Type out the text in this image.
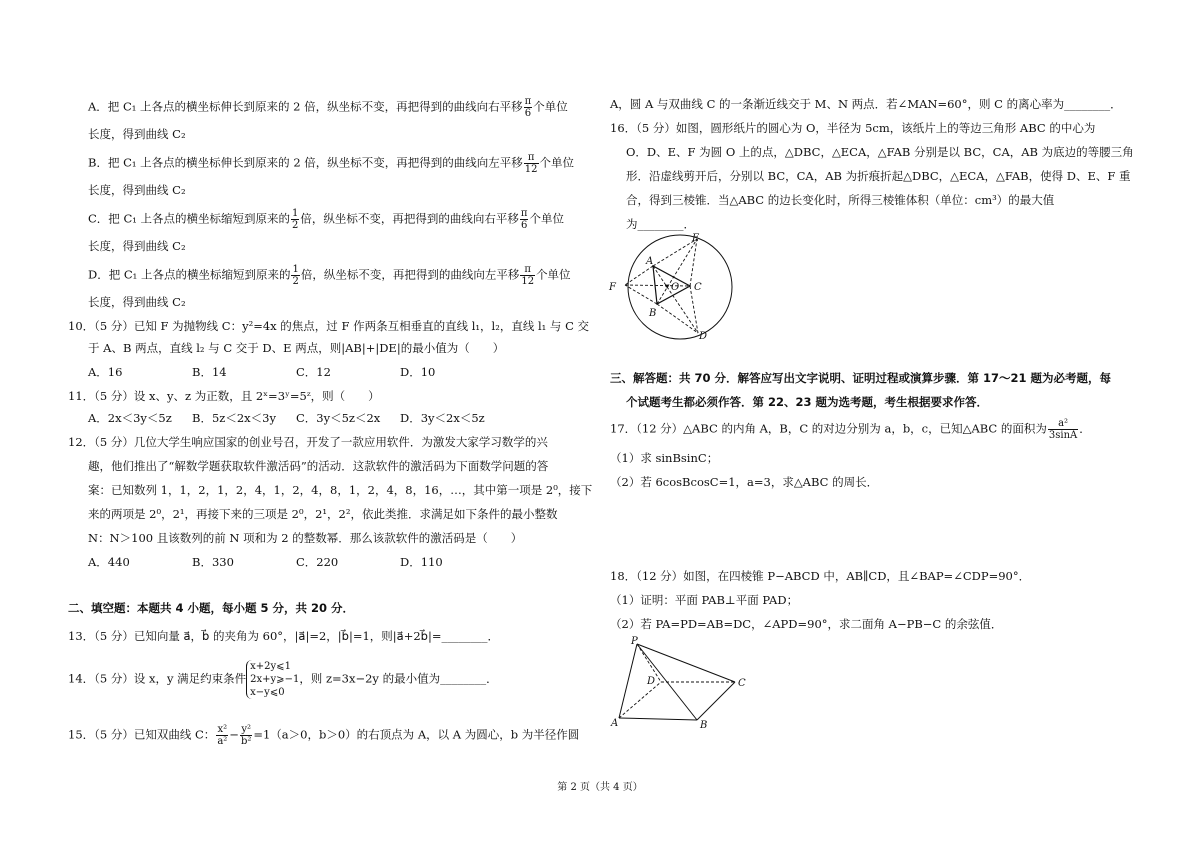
A．把 C₁ 上各点的横坐标伸长到原来的 2 倍，纵坐标不变，再把得到的曲线向右平移 $\frac{\pi}{6}$ 个单位
长度，得到曲线 C₂
B．把 C₁ 上各点的横坐标伸长到原来的 2 倍，纵坐标不变，再把得到的曲线向左平移 $\frac{\pi}{12}$ 个单位
长度，得到曲线 C₂
C．把 C₁ 上各点的横坐标缩短到原来的 $\frac{1}{2}$ 倍，纵坐标不变，再把得到的曲线向右平移 $\frac{\pi}{6}$ 个单位
长度，得到曲线 C₂
D．把 C₁ 上各点的横坐标缩短到原来的 $\frac{1}{2}$ 倍，纵坐标不变，再把得到的曲线向左平移 $\frac{\pi}{12}$ 个单位
长度，得到曲线 C₂
10．（5 分）已知 F 为抛物线 C：y²=4x 的焦点，过 F 作两条互相垂直的直线 l₁，l₂，直线 l₁ 与 C 交
于 A、B 两点，直线 l₂ 与 C 交于 D、E 两点，则|AB|+|DE|的最小值为（　　）
A．16	B．14	C．12	D．10
11．（5 分）设 x、y、z 为正数，且 2ˣ=3ʸ=5ᶻ，则（　　）
A．2x＜3y＜5z B．5z＜2x＜3y C．3y＜5z＜2x D．3y＜2x＜5z
12．（5 分）几位大学生响应国家的创业号召，开发了一款应用软件．为激发大家学习数学的兴
趣，他们推出了“解数学题获取软件激活码”的活动．这款软件的激活码为下面数学问题的答
案：已知数列 1，1，2，1，2，4，1，2，4，8，1，2，4，8，16，…，其中第一项是 2⁰，接下
来的两项是 2⁰，2¹，再接下来的三项是 2⁰，2¹，2²，依此类推．求满足如下条件的最小整数
N：N＞100 且该数列的前 N 项和为 2 的整数幂．那么该款软件的激活码是（　　）
A．440	B．330	C．220	D．110
二、填空题：本题共 4 小题，每小题 5 分，共 20 分．
13．（5 分）已知向量 a⃗，b⃗ 的夹角为 60°，|a⃗|=2，|b⃗|=1，则|a⃗+2b⃗|=________．
14．（5 分）设 x，y 满足约束条件
x+2y⩽1
2x+y⩾−1
x−y⩽0
，则 z=3x−2y 的最小值为________．
15．（5 分）已知双曲线 C： $\frac{\text{x²}}{\text{a²}} - \frac{\text{y²}}{\text{b²}} =1(a>0$，b＞0）的右顶点为 A，以 A 为圆心，b 为半径作圆
A，圆 A 与双曲线 C 的一条渐近线交于 M、N 两点．若∠MAN=60°，则 C 的离心率为________．
16．（5 分）如图，圆形纸片的圆心为 O，半径为 5cm，该纸片上的等边三角形 ABC 的中心为
O．D、E、F 为圆 O 上的点，△DBC，△ECA，△FAB 分别是以 BC，CA，AB 为底边的等腰三角
形．沿虚线剪开后，分别以 BC，CA，AB 为折痕折起△DBC，△ECA，△FAB，使得 D、E、F 重
合，得到三棱锥．当△ABC 的边长变化时，所得三棱锥体积（单位：cm³）的最大值
为________．
A
B
C
D
E
F	O
三、解答题：共 70 分．解答应写出文字说明、证明过程或演算步骤．第 17～21 题为必考题，每
个试题考生都必须作答．第 22、23 题为选考题，考生根据要求作答．
17．（12 分）△ABC 的内角 A，B，C 的对边分别为 a，b，c，已知△ABC 的面积为 $\frac{\text{a²}}{3\sin A}$ ．
（1）求 sinBsinC；
（2）若 6cosBcosC=1，a=3，求△ABC 的周长．
18．（12 分）如图，在四棱锥 P−ABCD 中，AB∥CD，且∠BAP=∠CDP=90°．
（1）证明：平面 PAB⊥平面 PAD；
（2）若 PA=PD=AB=DC，∠APD=90°，求二面角 A−PB−C 的余弦值．
P
A	B
C
D
第 2 页（共 4 页）
